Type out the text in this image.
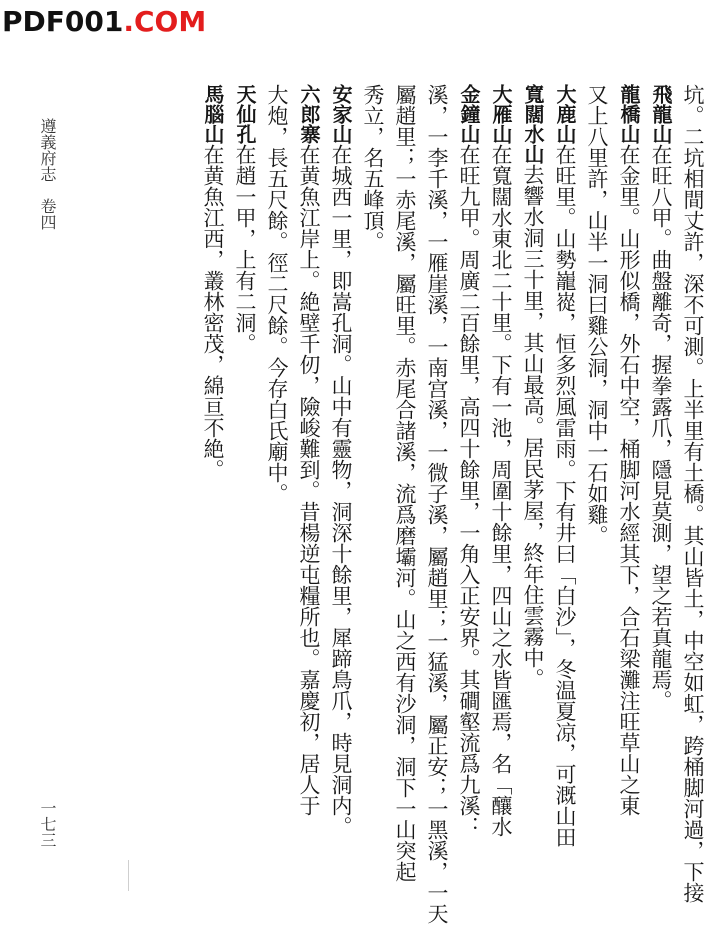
PDF001.COM
坑。二坑相間丈許，深不可測。上半里有土橋。其山皆土，中空如虹，跨桶脚河過，下接
飛龍山在旺八甲。曲盤離奇，握拳露爪，隱見莫測，望之若真龍焉。
龍橋山在金里。山形似橋，外石中空，桶脚河水經其下，合石梁灘注旺草山之東
又上八里許，山半一洞曰雞公洞，洞中一石如雞。
大鹿山在旺里。山勢巃嵸，恒多烈風雷雨。下有井曰「白沙」，冬温夏凉，可溉山田
寬闊水山去響水洞三十里，其山最高。居民茅屋，終年住雲霧中。
大雁山在寬闊水東北二十里。下有一池，周圍十餘里，四山之水皆匯焉，名「釀水
金鐘山在旺九甲。周廣二百餘里，高四十餘里，一角入正安界。其磵壑流爲九溪：
溪，一李千溪，一雁崖溪，一南宫溪，一微子溪，屬趙里；一猛溪，屬正安；一黑溪，一天
屬趙里；一赤尾溪，屬旺里。赤尾合諸溪，流爲磨壩河。山之西有沙洞，洞下一山突起
秀立，名五峰頂。
安家山在城西一里，即嵩孔洞。山中有靈物，洞深十餘里，犀蹄鳥爪，時見洞内。
六郎寨在黄魚江岸上。絶壁千仞，險峻難到。昔楊逆屯糧所也。嘉慶初，居人于
大炮，長五尺餘。徑二尺餘。今存白氏廟中。
天仙孔在趙一甲，上有二洞。
馬腦山在黄魚江西，叢林密茂，綿亘不絶。
遵義府志　卷四
一七三
